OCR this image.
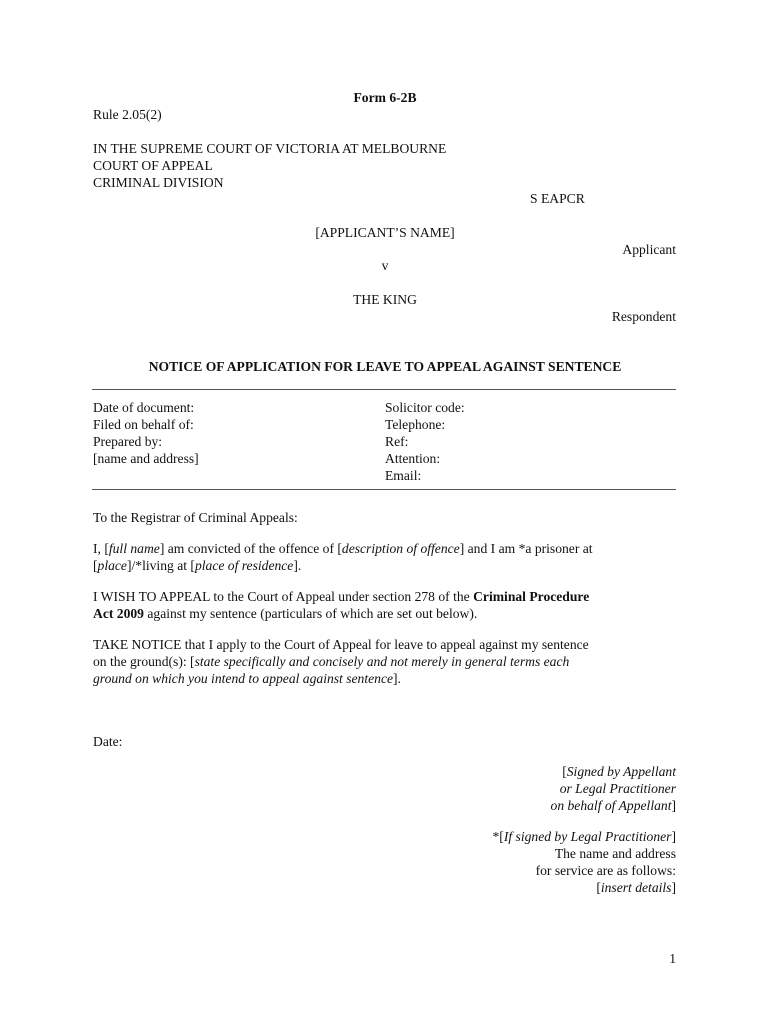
Form 6-2B
Rule 2.05(2)
IN THE SUPREME COURT OF VICTORIA AT MELBOURNE
COURT OF APPEAL
CRIMINAL DIVISION
S EAPCR
[APPLICANT’S NAME]
Applicant
v
THE KING
Respondent
NOTICE OF APPLICATION FOR LEAVE TO APPEAL AGAINST SENTENCE
Date of document:
Filed on behalf of:
Prepared by:
[name and address]
Solicitor code:
Telephone:
Ref:
Attention:
Email:
To the Registrar of Criminal Appeals:
I, [full name] am convicted of the offence of [description of offence] and I am *a prisoner at
[place]/*living at [place of residence].
I WISH TO APPEAL to the Court of Appeal under section 278 of the Criminal Procedure
Act 2009 against my sentence (particulars of which are set out below).
TAKE NOTICE that I apply to the Court of Appeal for leave to appeal against my sentence
on the ground(s): [state specifically and concisely and not merely in general terms each
ground on which you intend to appeal against sentence].
Date:
[Signed by Appellant
or Legal Practitioner
on behalf of Appellant]
*[If signed by Legal Practitioner]
The name and address
for service are as follows:
[insert details]
1
